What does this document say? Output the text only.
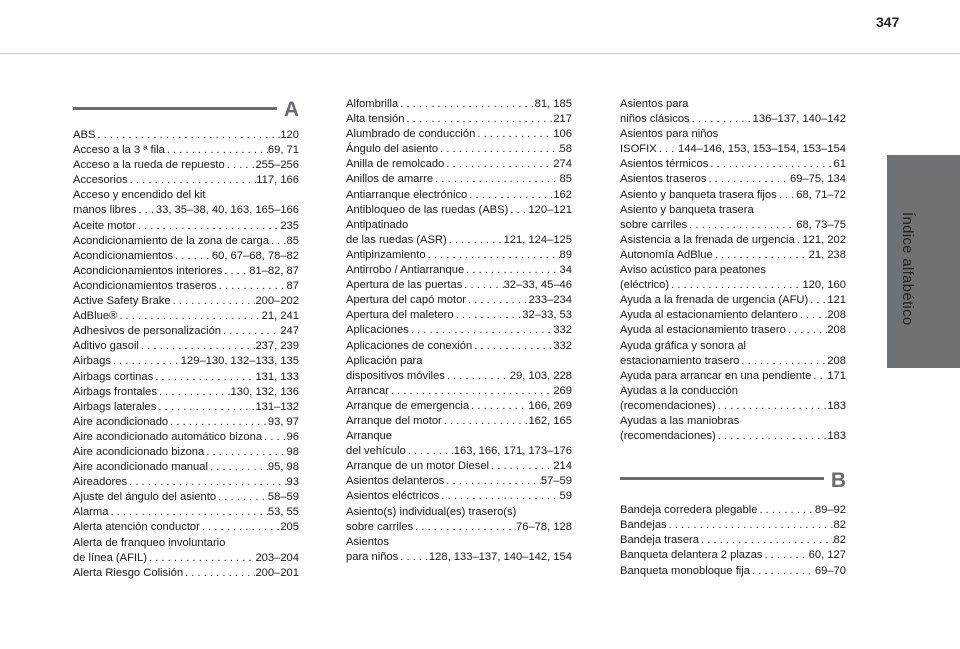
347
Índice alfabético
A
ABS . . .	120
Acceso a la 3 ª fila . . .	69, 71
Acceso a la rueda de repuesto . . .	255–256
Accesorios . . .	117, 166
Acceso y encendido del kit
manos libres . . . 33, 35–38, 40, 163, 165–166
Aceite motor . . .	235
Acondicionamiento de la zona de carga . . . 85
Acondicionamientos . . .	60, 67–68, 78–82
Acondicionamientos interiores . . . 81–82, 87
Acondicionamientos traseros . . .	87
Active Safety Brake . . .	200–202
AdBlue® . . .	21, 241
Adhesivos de personalización . . .	247
Aditivo gasoil . . .	237, 239
Airbags . . .	129–130, 132–133, 135
Airbags cortinas . . .	131, 133
Airbags frontales . . .	130, 132, 136
Airbags laterales . . .	131–132
Aire acondicionado . . .	93, 97
Aire acondicionado automático bizona . . . 96
Aire acondicionado bizona . . .	98
Aire acondicionado manual . . .	95, 98
Aireadores . . .	93
Ajuste del ángulo del asiento . . .	58–59
Alarma . . .	53, 55
Alerta atención conductor . . .	205
Alerta de franqueo involuntario
de línea (AFIL) . . .	203–204
Alerta Riesgo Colisión . . .	200–201
Alfombrilla . . .	81, 185
Alta tensión . . .	217
Alumbrado de conducción . . .	106
Ángulo del asiento . . .	58
Anilla de remolcado . . .	274
Anillos de amarre . . .	85
Antiarranque electrónico . . .	162
Antibloqueo de las ruedas (ABS) . . . 120–121
Antipatinado
de las ruedas (ASR) . . .	121, 124–125
Antipinzamiento . . .	89
Antirrobo / Antiarranque . . .	34
Apertura de las puertas . . .	32–33, 45–46
Apertura del capó motor . . .	233–234
Apertura del maletero . . .	32–33, 53
Aplicaciones . . .	332
Aplicaciones de conexión . . .	332
Aplicación para
dispositivos móviles . . .	29, 103, 228
Arrancar . . .	269
Arranque de emergencia . . .	166, 269
Arranque del motor . . .	162, 165
Arranque
del vehículo . . .	163, 166, 171, 173–176
Arranque de un motor Diesel . . .	214
Asientos delanteros . . .	57–59
Asientos eléctricos . . .	59
Asiento(s) individual(es) trasero(s)
sobre carriles . . .	76–78, 128
Asientos
para niños . . .	128, 133–137, 140–142, 154
Asientos para
niños clásicos . . .	136–137, 140–142
Asientos para niños
ISOFIX . . . 144–146, 153, 153–154, 153–154
Asientos térmicos . . .	61
Asientos traseros . . .	69–75, 134
Asiento y banqueta trasera fijos . . . 68, 71–72
Asiento y banqueta trasera
sobre carriles . . .	68, 73–75
Asistencia a la frenada de urgencia . . . 121, 202
Autonomía AdBlue . . .	21, 238
Aviso acústico para peatones
(eléctrico) . . .	120, 160
Ayuda a la frenada de urgencia (AFU) . . . 121
Ayuda al estacionamiento delantero . . .	208
Ayuda al estacionamiento trasero . . .	208
Ayuda gráfica y sonora al
estacionamiento trasero . . .	208
Ayuda para arrancar en una pendiente . . . 171
Ayudas a la conducción
(recomendaciones) . . .	183
Ayudas a las maniobras
(recomendaciones) . . .	183
B
Bandeja corredera plegable . . .	89–92
Bandejas . . .	82
Bandeja trasera . . .	82
Banqueta delantera 2 plazas . . .	60, 127
Banqueta monobloque fija . . .	69–70
